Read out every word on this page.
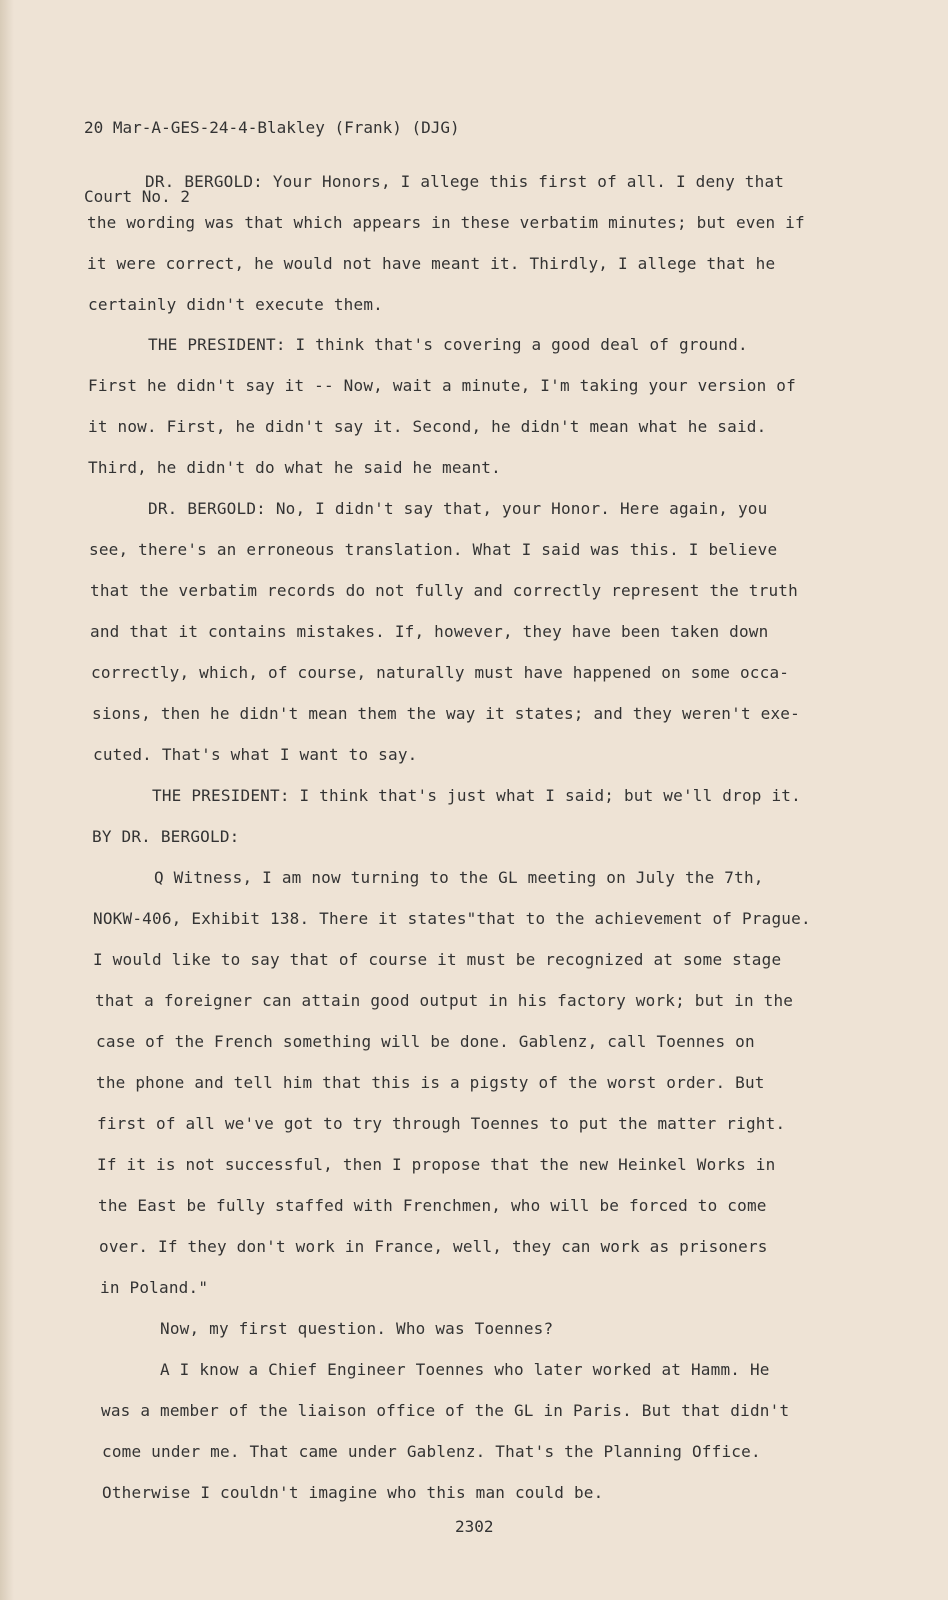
20 Mar-A-GES-24-4-Blakley (Frank) (DJG)

Court No. 2

DR. BERGOLD: Your Honors, I allege this first of all. I deny that
the wording was that which appears in these verbatim minutes; but even if
it were correct, he would not have meant it. Thirdly, I allege that he
certainly didn't execute them.
THE PRESIDENT: I think that's covering a good deal of ground.
First he didn't say it -- Now, wait a minute, I'm taking your version of
it now. First, he didn't say it. Second, he didn't mean what he said.
Third, he didn't do what he said he meant.
DR. BERGOLD: No, I didn't say that, your Honor. Here again, you
see, there's an erroneous translation. What I said was this. I believe
that the verbatim records do not fully and correctly represent the truth
and that it contains mistakes. If, however, they have been taken down
correctly, which, of course, naturally must have happened on some occa-
sions, then he didn't mean them the way it states; and they weren't exe-
cuted. That's what I want to say.
THE PRESIDENT: I think that's just what I said; but we'll drop it.
BY DR. BERGOLD:
Q Witness, I am now turning to the GL meeting on July the 7th,
NOKW-406, Exhibit 138. There it states"that to the achievement of Prague.
I would like to say that of course it must be recognized at some stage
that a foreigner can attain good output in his factory work; but in the
case of the French something will be done. Gablenz, call Toennes on
the phone and tell him that this is a pigsty of the worst order. But
first of all we've got to try through Toennes to put the matter right.
If it is not successful, then I propose that the new Heinkel Works in
the East be fully staffed with Frenchmen, who will be forced to come
over. If they don't work in France, well, they can work as prisoners
in Poland."
Now, my first question. Who was Toennes?
A I know a Chief Engineer Toennes who later worked at Hamm. He
was a member of the liaison office of the GL in Paris. But that didn't
come under me. That came under Gablenz. That's the Planning Office.
Otherwise I couldn't imagine who this man could be.
2302
